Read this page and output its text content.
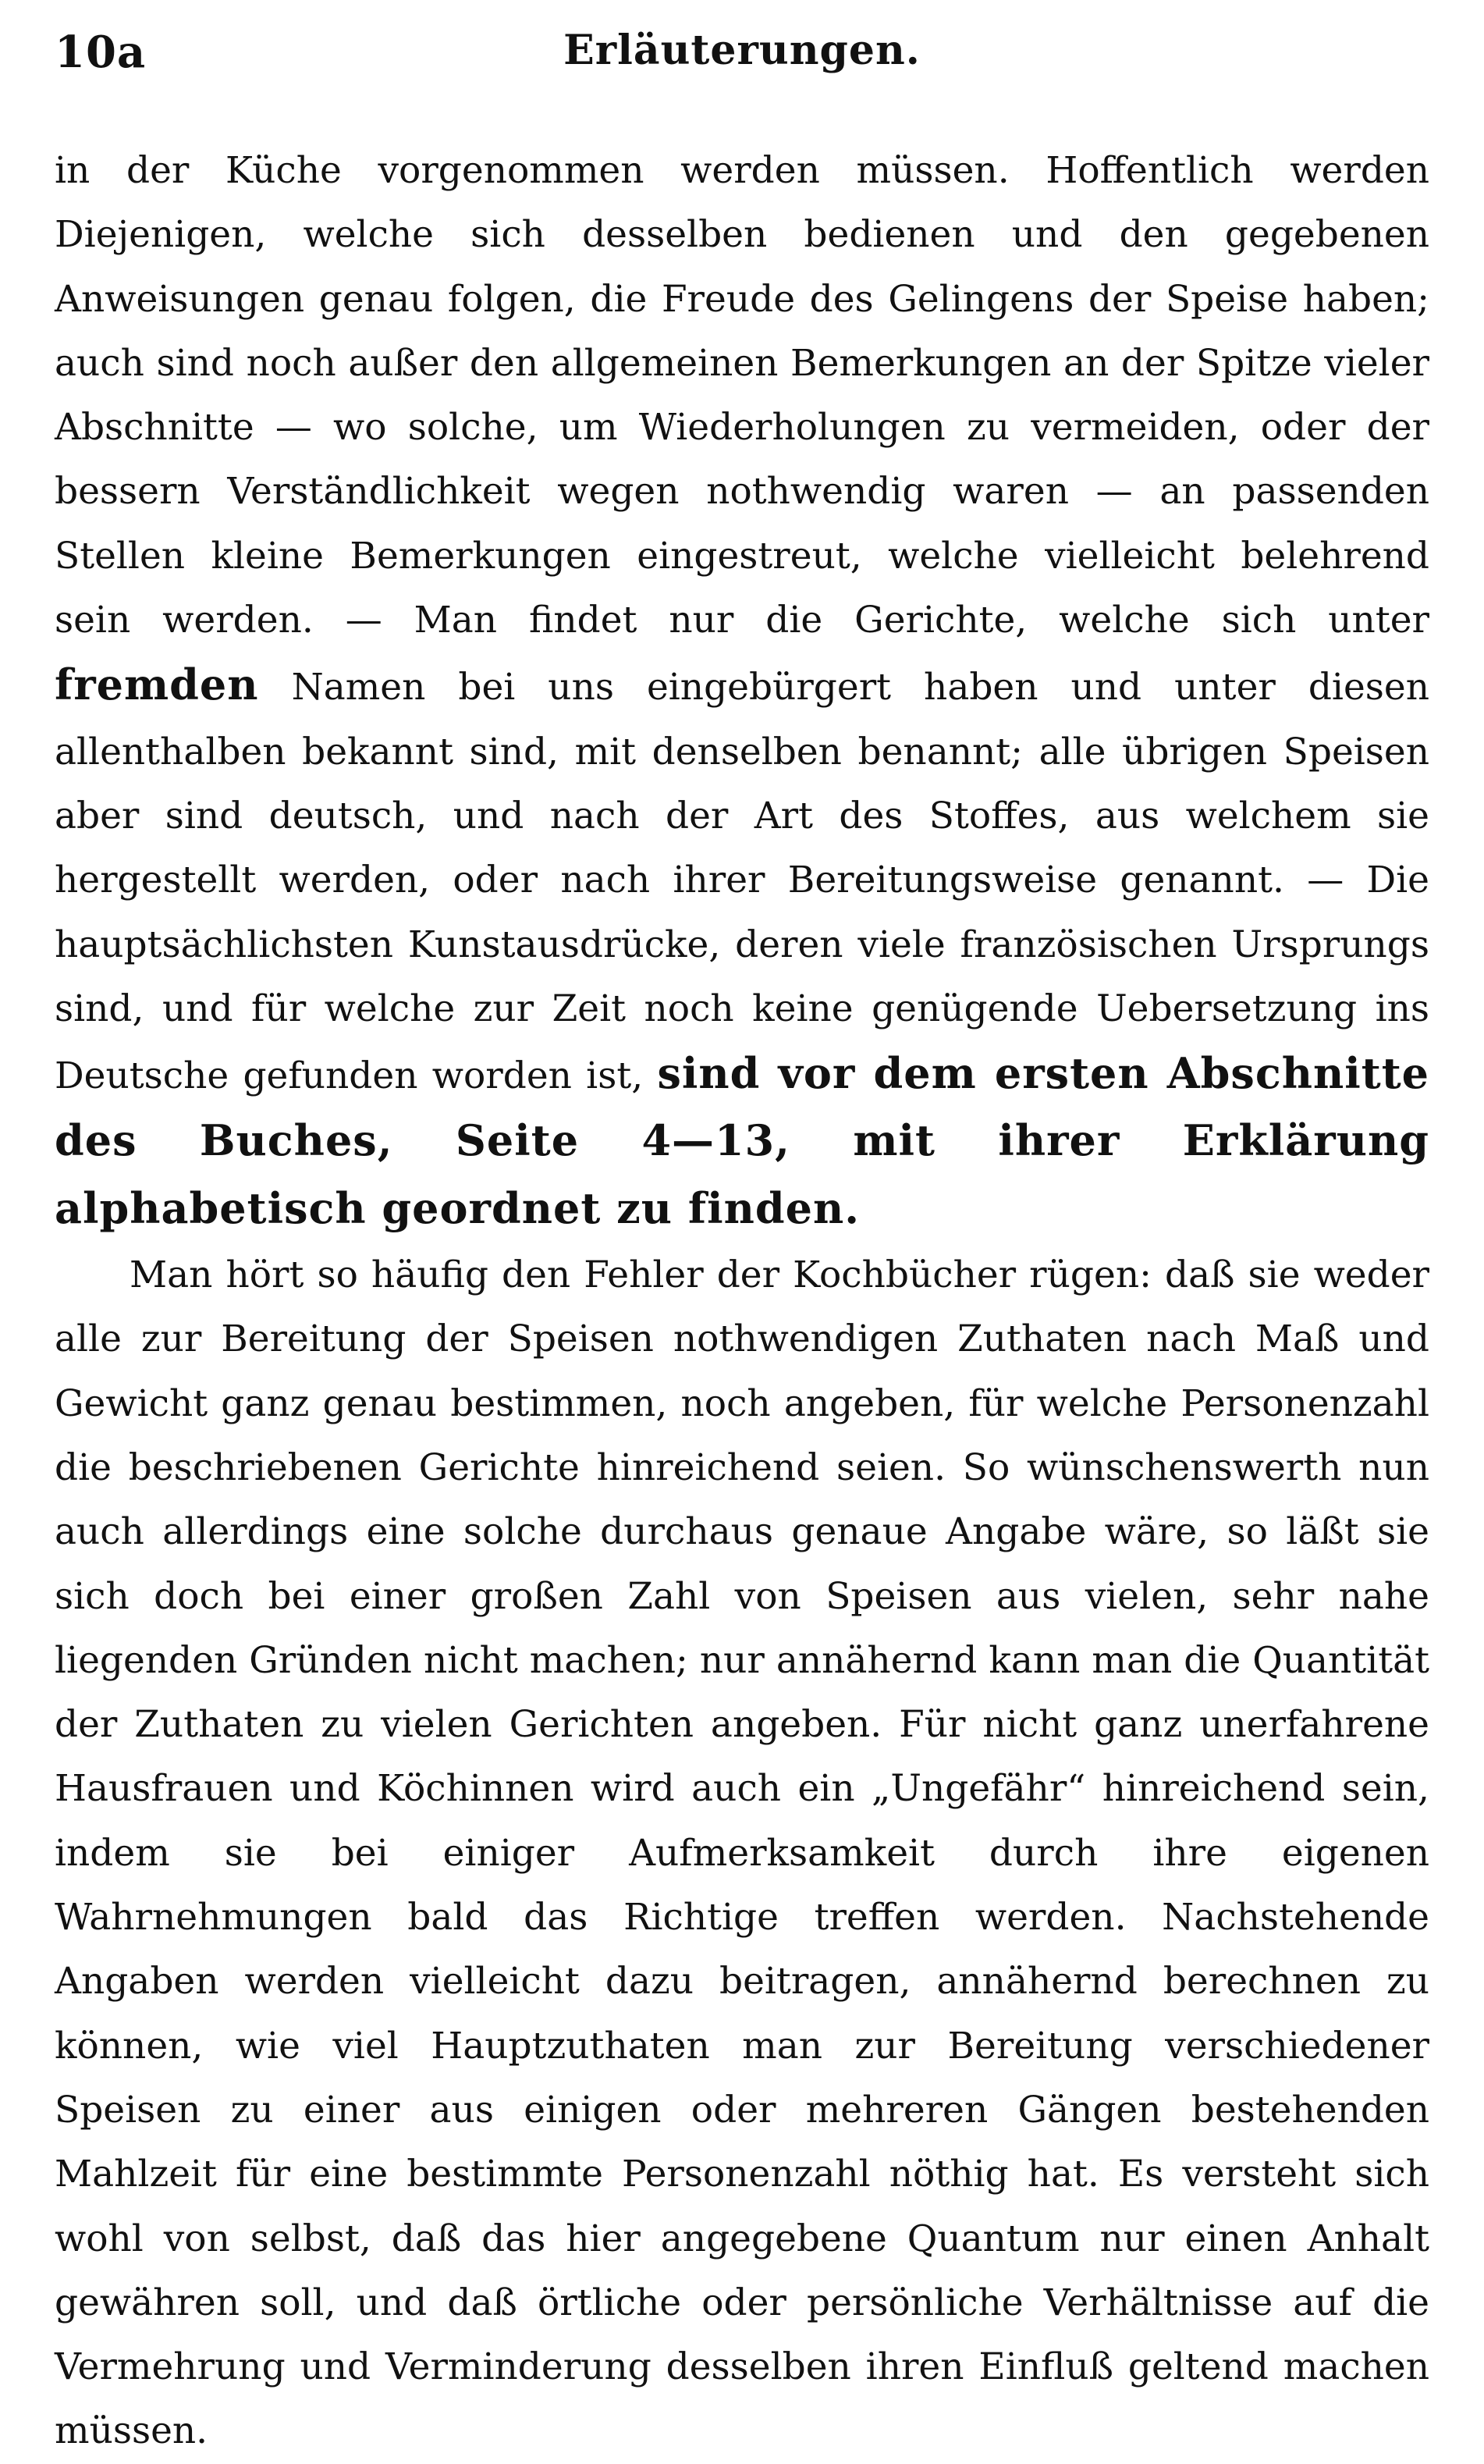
10a	Erläuterungen.

in der Küche vorgenommen werden müssen. Hoffentlich werden Diejenigen, welche sich desselben bedienen und den gegebenen Anweisungen genau folgen, die Freude des Gelingens der Speise haben; auch sind noch außer den allgemeinen Bemerkungen an der Spitze vieler Abschnitte — wo solche, um Wiederholungen zu vermeiden, oder der bessern Verständlichkeit wegen nothwendig waren — an passenden Stellen kleine Bemerkungen eingestreut, welche vielleicht belehrend sein werden. — Man findet nur die Gerichte, welche sich unter fremden Namen bei uns eingebürgert haben und unter diesen allenthalben bekannt sind, mit denselben benannt; alle übrigen Speisen aber sind deutsch, und nach der Art des Stoffes, aus welchem sie hergestellt werden, oder nach ihrer Bereitungsweise genannt. — Die hauptsächlichsten Kunstausdrücke, deren viele französischen Ursprungs sind, und für welche zur Zeit noch keine genügende Uebersetzung ins Deutsche gefunden worden ist, sind vor dem ersten Abschnitte des Buches, Seite 4—13, mit ihrer Erklärung alphabetisch geordnet zu finden.

Man hört so häufig den Fehler der Kochbücher rügen: daß sie weder alle zur Bereitung der Speisen nothwendigen Zuthaten nach Maß und Gewicht ganz genau bestimmen, noch angeben, für welche Personenzahl die beschriebenen Gerichte hinreichend seien. So wünschenswerth nun auch allerdings eine solche durchaus genaue Angabe wäre, so läßt sie sich doch bei einer großen Zahl von Speisen aus vielen, sehr nahe liegenden Gründen nicht machen; nur annähernd kann man die Quantität der Zuthaten zu vielen Gerichten angeben. Für nicht ganz unerfahrene Hausfrauen und Köchinnen wird auch ein „Ungefähr“ hinreichend sein, indem sie bei einiger Aufmerksamkeit durch ihre eigenen Wahrnehmungen bald das Richtige treffen werden. Nachstehende Angaben werden vielleicht dazu beitragen, annähernd berechnen zu können, wie viel Hauptzuthaten man zur Bereitung verschiedener Speisen zu einer aus einigen oder mehreren Gängen bestehenden Mahlzeit für eine bestimmte Personenzahl nöthig hat. Es versteht sich wohl von selbst, daß das hier angegebene Quantum nur einen Anhalt gewähren soll, und daß örtliche oder persönliche Verhältnisse auf die Vermehrung und Verminderung desselben ihren Einfluß geltend machen müssen.
